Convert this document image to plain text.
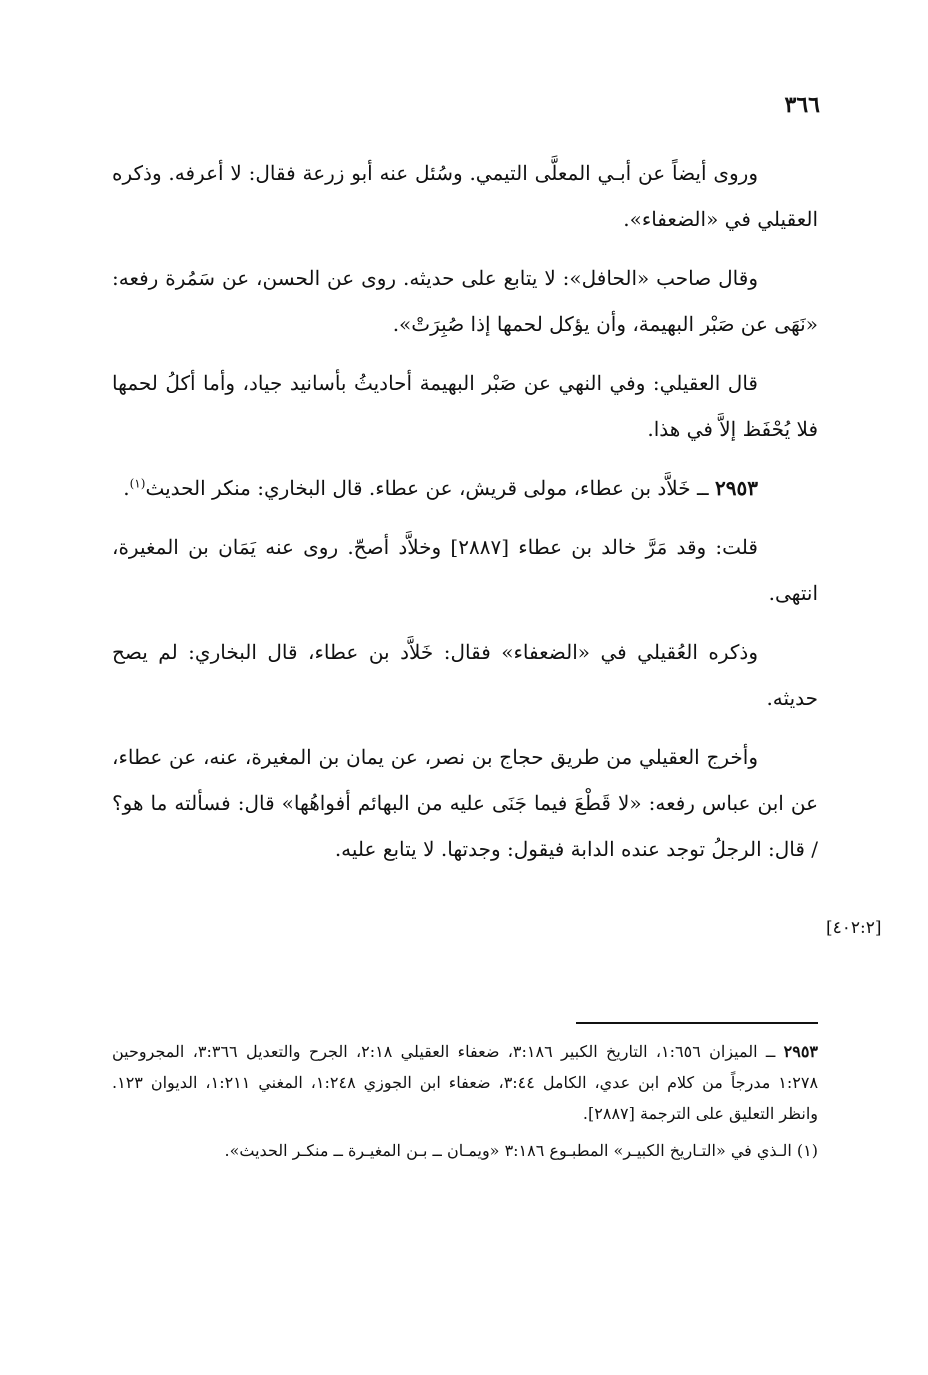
٣٦٦

وروى أيضاً عن أبـي المعلَّى التيمي. وسُئل عنه أبو زرعة فقال: لا أعرفه. وذكره العقيلي في «الضعفاء».

وقال صاحب «الحافل»: لا يتابع على حديثه. روى عن الحسن، عن سَمُرة رفعه: «نَهَى عن صَبْر البهيمة، وأن يؤكل لحمها إذا صُبِرَتْ».

قال العقيلي: وفي النهي عن صَبْر البهيمة أحاديثُ بأسانيد جياد، وأما أكلُ لحمها فلا يُحْفَظ إلاَّ في هذا.

٢٩٥٣ ــ خَلاَّد بن عطاء، مولى قريش، عن عطاء. قال البخاري: منكر الحديث$^{(١)}$.

قلت: وقد مَرَّ خالد بن عطاء [٢٨٨٧] وخلاَّد أصحّ. روى عنه يَمَان بن المغيرة، انتهى.

وذكره العُقيلي في «الضعفاء» فقال: خَلاَّد بن عطاء، قال البخاري: لم يصح حديثه.

وأخرج العقيلي من طريق حجاج بن نصر، عن يمان بن المغيرة، عنه، عن عطاء، عن ابن عباس رفعه: «لا قَطْعَ فيما جَنَى عليه من البهائم أفواهُها» قال: فسألته ما هو؟ / قال: الرجلُ توجد عنده الدابة فيقول: وجدتها. لا يتابع عليه.

[٤٠٢:٢]

٢٩٥٣ ــ الميزان ١:٦٥٦، التاريخ الكبير ٣:١٨٦، ضعفاء العقيلي ٢:١٨، الجرح والتعديل ٣:٣٦٦، المجروحين ١:٢٧٨ مدرجاً من كلام ابن عدي، الكامل ٣:٤٤، ضعفاء ابن الجوزي ١:٢٤٨، المغني ١:٢١١، الديوان ١٢٣. وانظر التعليق على الترجمة [٢٨٨٧].

(١) الـذي في «التـاريخ الكبيـر» المطبـوع ٣:١٨٦ «ويمـان ــ بـن المغيـرة ــ منكـر الحديث».
